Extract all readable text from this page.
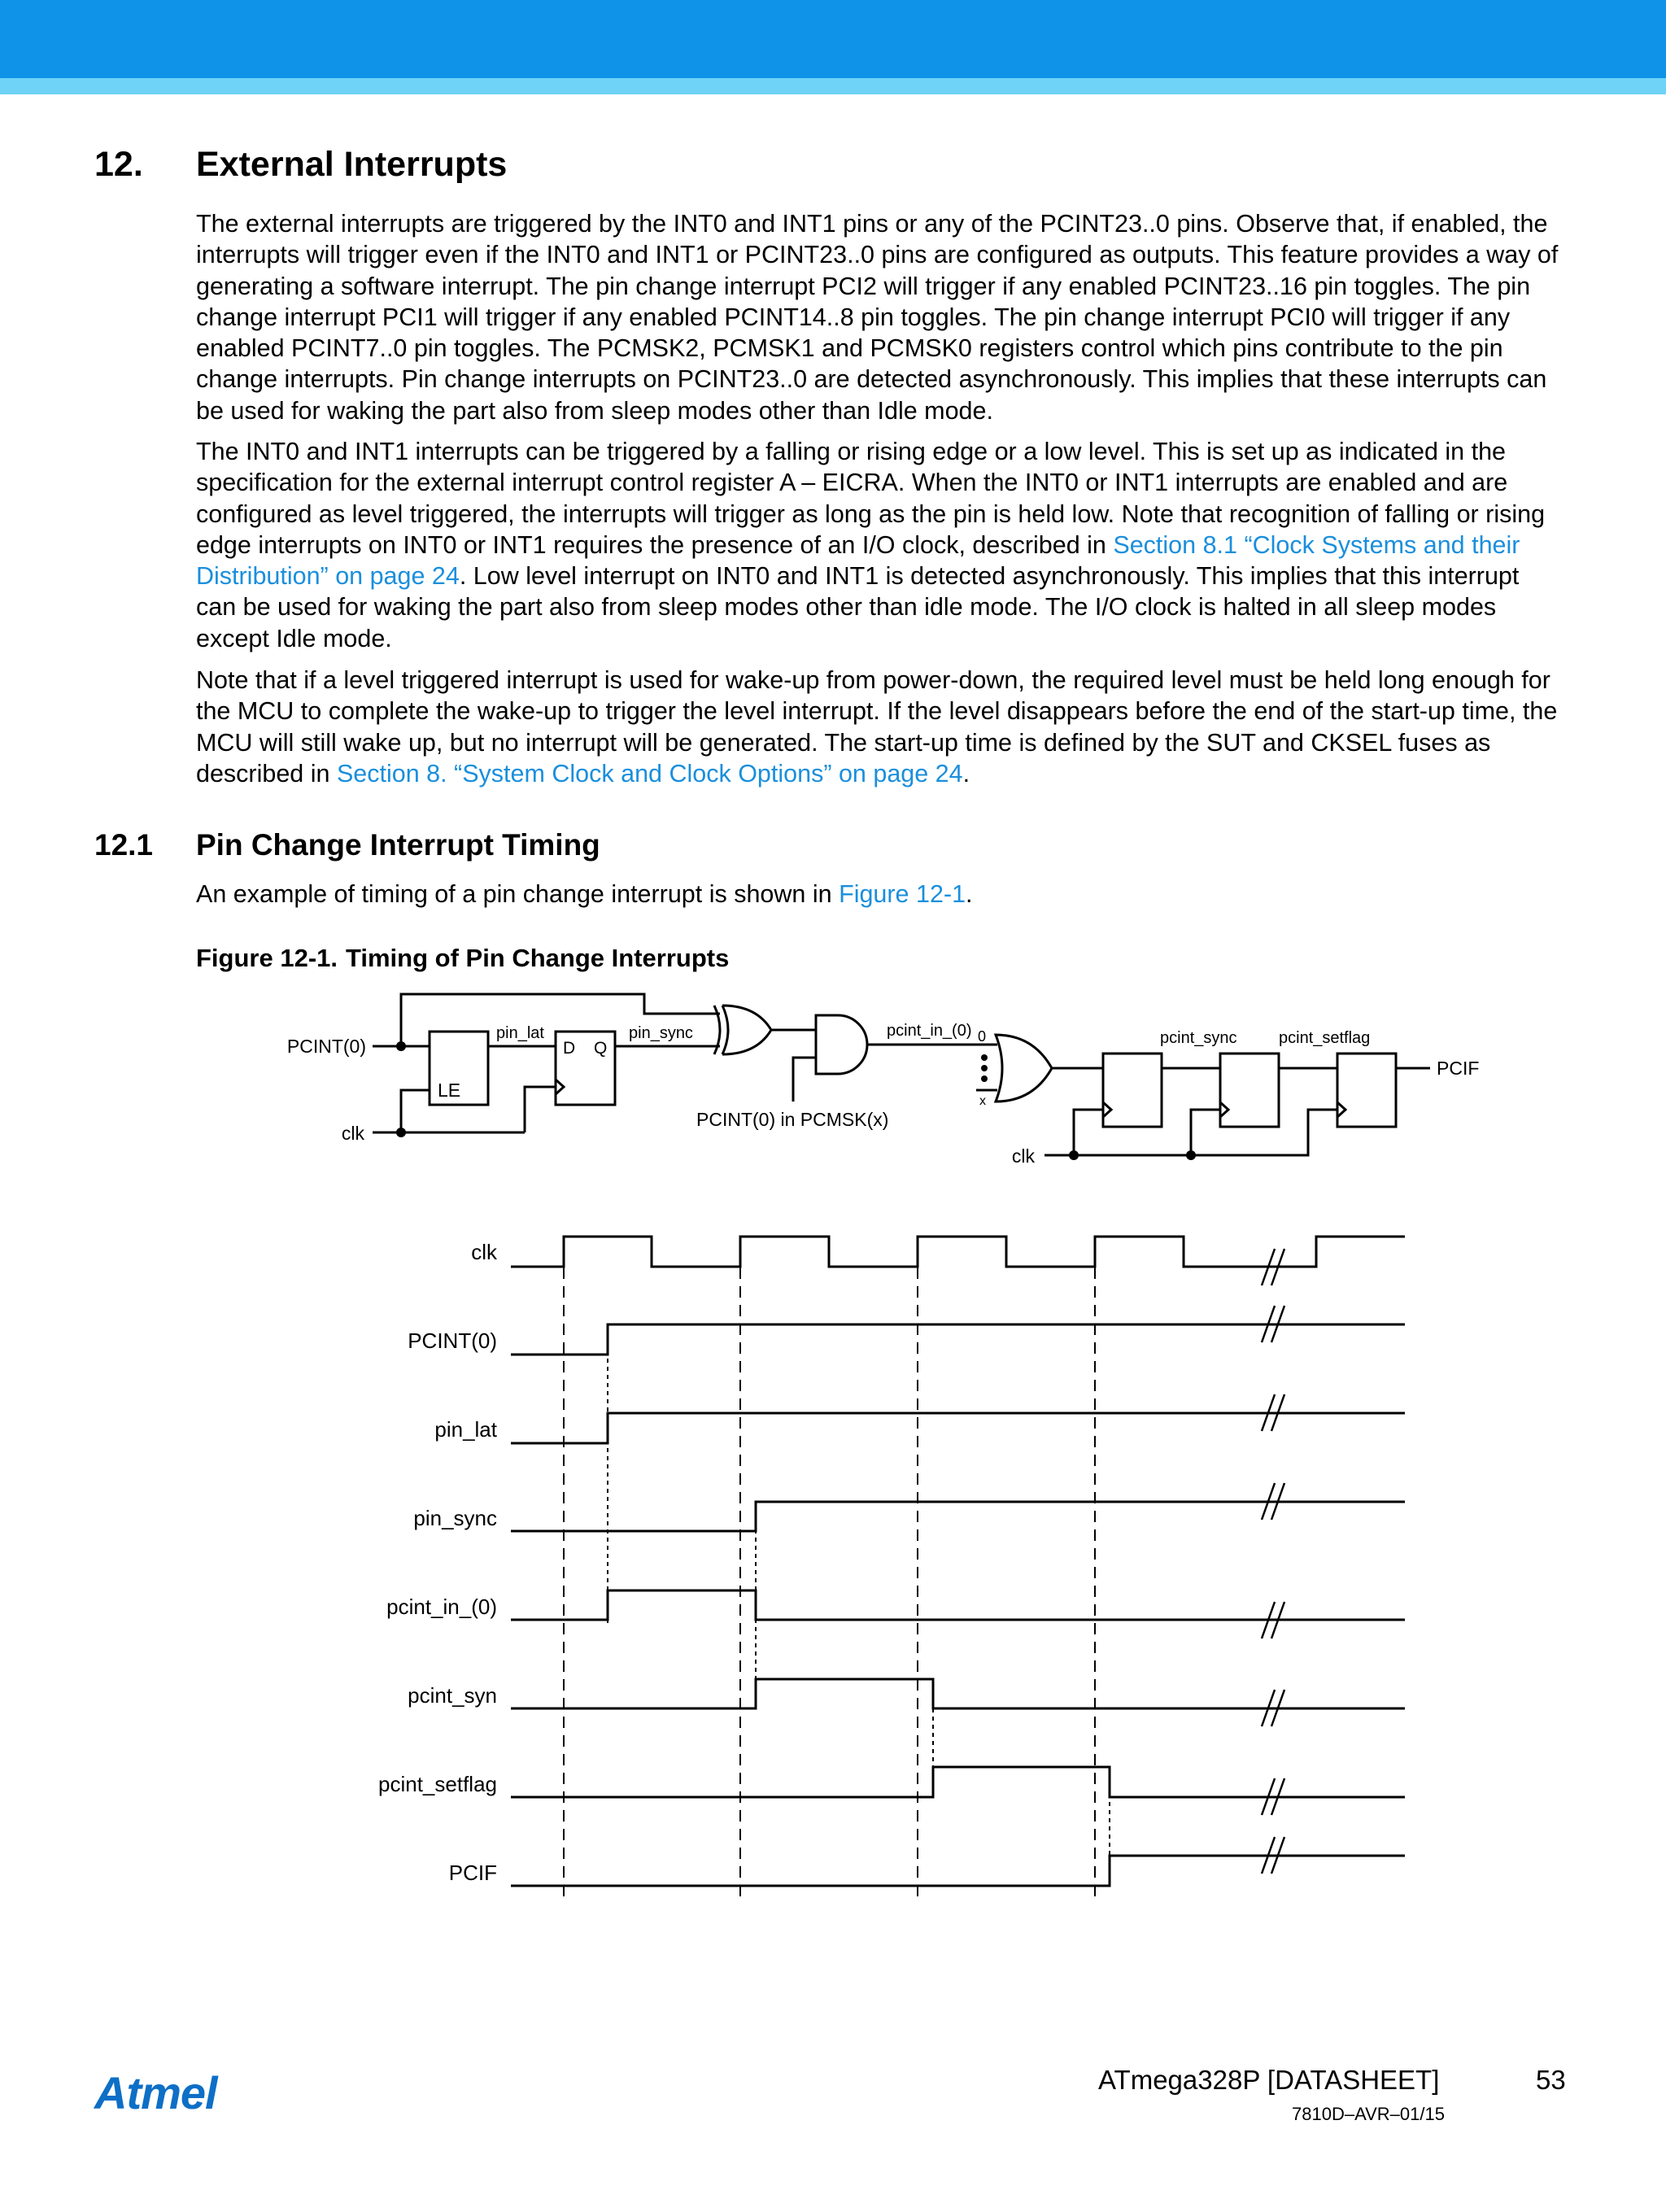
12. External Interrupts

The external interrupts are triggered by the INT0 and INT1 pins or any of the PCINT23..0 pins. Observe that, if enabled, the interrupts will trigger even if the INT0 and INT1 or PCINT23..0 pins are configured as outputs. This feature provides a way of generating a software interrupt. The pin change interrupt PCI2 will trigger if any enabled PCINT23..16 pin toggles. The pin change interrupt PCI1 will trigger if any enabled PCINT14..8 pin toggles. The pin change interrupt PCI0 will trigger if any enabled PCINT7..0 pin toggles. The PCMSK2, PCMSK1 and PCMSK0 registers control which pins contribute to the pin change interrupts. Pin change interrupts on PCINT23..0 are detected asynchronously. This implies that these interrupts can be used for waking the part also from sleep modes other than Idle mode.

The INT0 and INT1 interrupts can be triggered by a falling or rising edge or a low level. This is set up as indicated in the specification for the external interrupt control register A – EICRA. When the INT0 or INT1 interrupts are enabled and are configured as level triggered, the interrupts will trigger as long as the pin is held low. Note that recognition of falling or rising edge interrupts on INT0 or INT1 requires the presence of an I/O clock, described in Section 8.1 “Clock Systems and their Distribution” on page 24. Low level interrupt on INT0 and INT1 is detected asynchronously. This implies that this interrupt can be used for waking the part also from sleep modes other than idle mode. The I/O clock is halted in all sleep modes except Idle mode.

Note that if a level triggered interrupt is used for wake-up from power-down, the required level must be held long enough for the MCU to complete the wake-up to trigger the level interrupt. If the level disappears before the end of the start-up time, the MCU will still wake up, but no interrupt will be generated. The start-up time is defined by the SUT and CKSEL fuses as described in Section 8. “System Clock and Clock Options” on page 24.

12.1 Pin Change Interrupt Timing

An example of timing of a pin change interrupt is shown in Figure 12-1.

Figure 12-1. Timing of Pin Change Interrupts
PCINT(0)
clk
LE
D Q
pin_lat	pin_sync
PCINT(0) in PCMSK(x)
pcint_in_(0) 0
x
pcint_sync	pcint_setflag
PCIF
clk
clk
PCINT(0)
pin_lat
pin_sync
pcint_in_(0)
pcint_syn
pcint_setflag
PCIF
Atmel	ATmega328P [DATASHEET]	53
7810D–AVR–01/15
